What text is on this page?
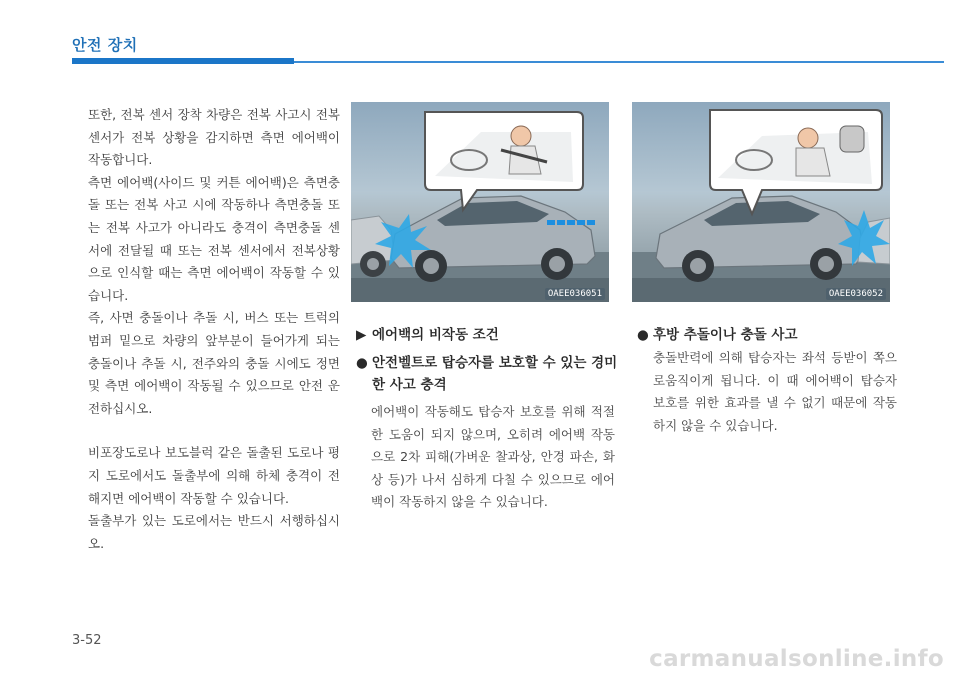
안전 장치

또한, 전복 센서 장착 차량은 전복 사고시 전복 센서가 전복 상황을 감지하면 측면 에어백이 작동합니다.

측면 에어백(사이드 및 커튼 에어백)은 측면충돌 또는 전복 사고 시에 작동하나 측면충돌 또는 전복 사고가 아니라도 충격이 측면충돌 센서에 전달될 때 또는 전복 센서에서 전복상황으로 인식할 때는 측면 에어백이 작동할 수 있습니다.

즉, 사면 충돌이나 추돌 시, 버스 또는 트럭의 범퍼 밑으로 차량의 앞부분이 들어가게 되는 충돌이나 추돌 시, 전주와의 충돌 시에도 정면 및 측면 에어백이 작동될 수 있으므로 안전 운전하십시오.

비포장도로나 보도블럭 같은 돌출된 도로나 평지 도로에서도 돌출부에 의해 하체 충격이 전해지면 에어백이 작동할 수 있습니다.

돌출부가 있는 도로에서는 반드시 서행하십시오.

OAEE036051	OAEE036052
▶ 에어백의 비작동 조건
● 안전벨트로 탑승자를 보호할 수 있는 경미한 사고 충격
에어백이 작동해도 탑승자 보호를 위해 적절한 도움이 되지 않으며, 오히려 에어백 작동으로 2차 피해(가벼운 찰과상, 안경 파손, 화상 등)가 나서 심하게 다칠 수 있으므로 에어백이 작동하지 않을 수 있습니다.
● 후방 추돌이나 충돌 사고
충돌반력에 의해 탑승자는 좌석 등받이 쪽으로움직이게 됩니다. 이 때 에어백이 탑승자 보호를 위한 효과를 낼 수 없기 때문에 작동하지 않을 수 있습니다.
3-52
carmanualsonline.info
